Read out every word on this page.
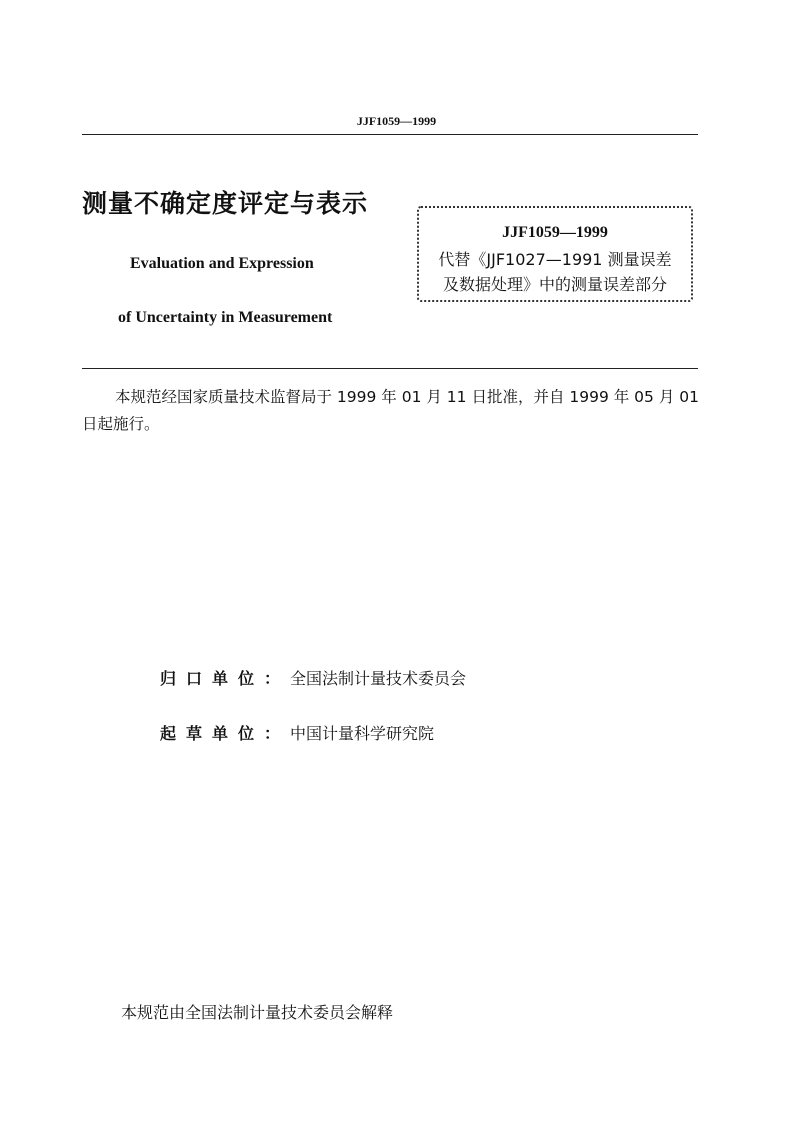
JJF1059—1999
测量不确定度评定与表示
Evaluation and Expression
of Uncertainty in Measurement
JJF1059—1999
代替《JJF1027—1991 测量误差
及数据处理》中的测量误差部分
本规范经国家质量技术监督局于 1999 年 01 月 11 日批准，并自 1999 年 05 月 01 日起施行。
归口单位：全国法制计量技术委员会
起草单位：中国计量科学研究院
本规范由全国法制计量技术委员会解释
